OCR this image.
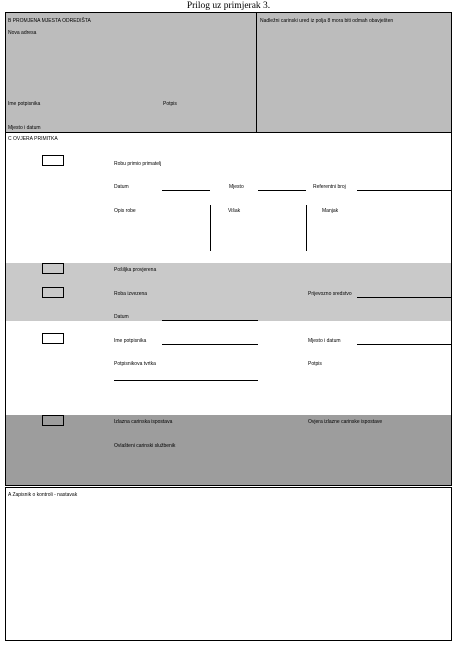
Prilog uz primjerak 3.
B PROMJENA MJESTA ODREDIŠTA
Nova adresa
Ime potpisnika	Potpis
Mjesto i datum
Nadležni carinski ured iz polja 8 mora biti odmah obavješten
C OVJERA PRIMITKA
Robu primio primatelj
Datum	Mjesto	Referentni broj
Opis robe	Višak	Manjak
Pošiljka provjerena
Roba izvezena	Prijevozno sredstvo
Datum
Ime potpisnika	Mjesto i datum
Potpisnikova tvrtka	Potpis
Izlazna carinska ispostava	Ovjera izlazne carinske ispostave
Ovlašteni carinski službenik
A Zapisnik o kontroli - nastavak
